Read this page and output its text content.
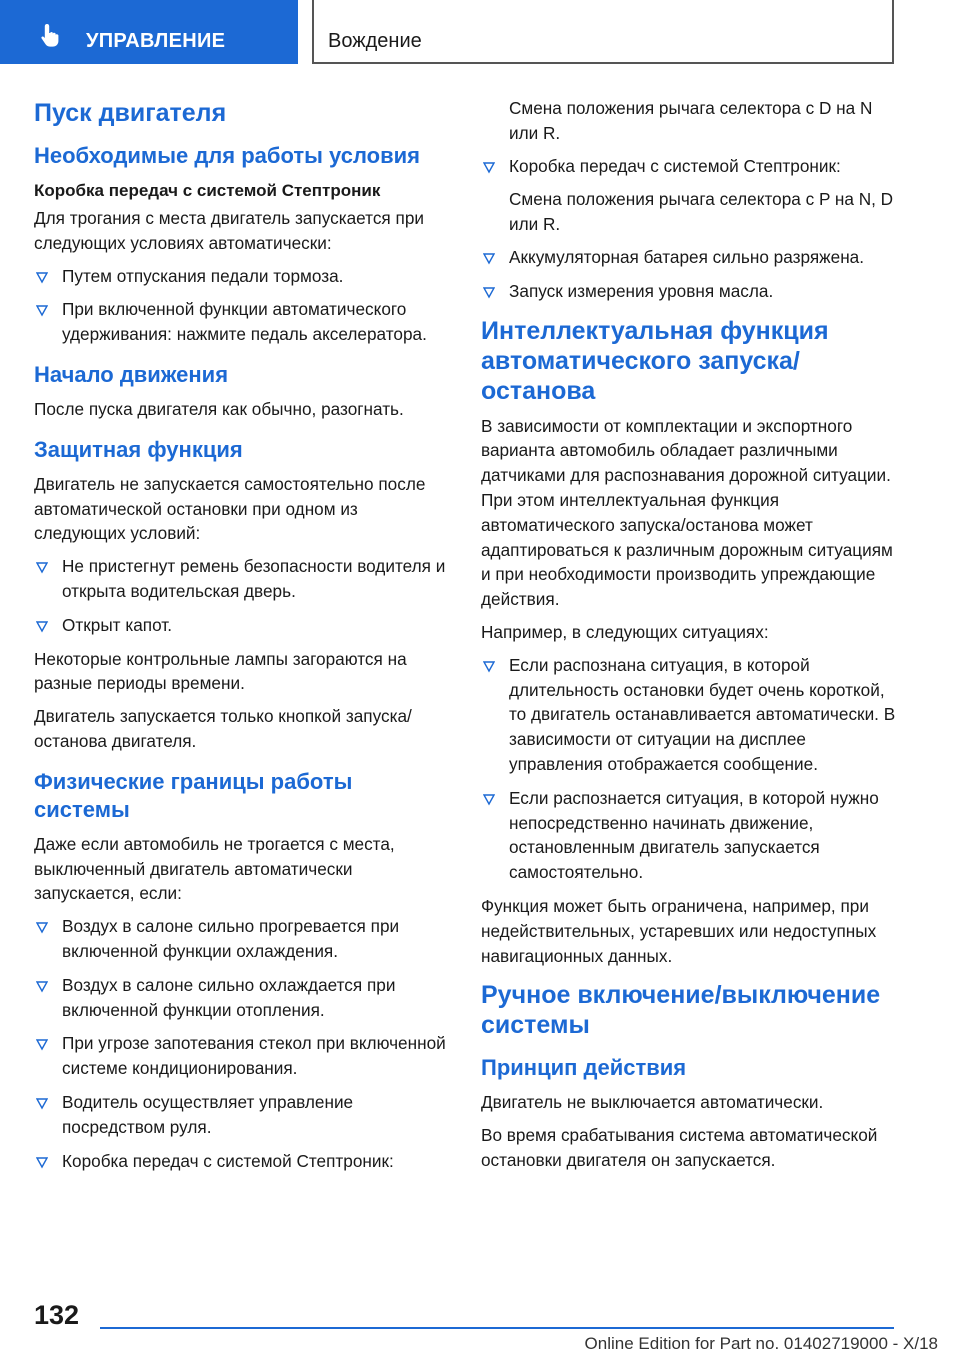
УПРАВЛЕНИЕ	Вождение
Пуск двигателя
Необходимые для работы условия
Коробка передач с системой Стептроник
Для трогания с места двигатель запускается при следующих условиях автоматически:
Путем отпускания педали тормоза.
При включенной функции автоматического удерживания: нажмите педаль акселератора.
Начало движения
После пуска двигателя как обычно, разогнать.
Защитная функция
Двигатель не запускается самостоятельно после автоматической остановки при одном из следующих условий:
Не пристегнут ремень безопасности водителя и открыта водительская дверь.
Открыт капот.
Некоторые контрольные лампы загораются на разные периоды времени.
Двигатель запускается только кнопкой запуска/останова двигателя.
Физические границы работы системы
Даже если автомобиль не трогается с места, выключенный двигатель автоматически запускается, если:
Воздух в салоне сильно прогревается при включенной функции охлаждения.
Воздух в салоне сильно охлаждается при включенной функции отопления.
При угрозе запотевания стекол при включенной системе кондиционирования.
Водитель осуществляет управление посредством руля.
Коробка передач с системой Стептроник:
Смена положения рычага селектора с D на N или R.
Коробка передач с системой Стептроник:
Смена положения рычага селектора с P на N, D или R.
Аккумуляторная батарея сильно разряжена.
Запуск измерения уровня масла.
Интеллектуальная функция автоматического запуска/останова
В зависимости от комплектации и экспортного варианта автомобиль обладает различными датчиками для распознавания дорожной ситуации. При этом интеллектуальная функция автоматического запуска/останова может адаптироваться к различным дорожным ситуациям и при необходимости производить упреждающие действия.
Например, в следующих ситуациях:
Если распознана ситуация, в которой длительность остановки будет очень короткой, то двигатель останавливается автоматически. В зависимости от ситуации на дисплее управления отображается сообщение.
Если распознается ситуация, в которой нужно непосредственно начинать движение, остановленным двигатель запускается самостоятельно.
Функция может быть ограничена, например, при недействительных, устаревших или недоступных навигационных данных.
Ручное включение/выключение системы
Принцип действия
Двигатель не выключается автоматически.
Во время срабатывания система автоматической остановки двигателя он запускается.
132
Online Edition for Part no. 01402719000 - X/18
